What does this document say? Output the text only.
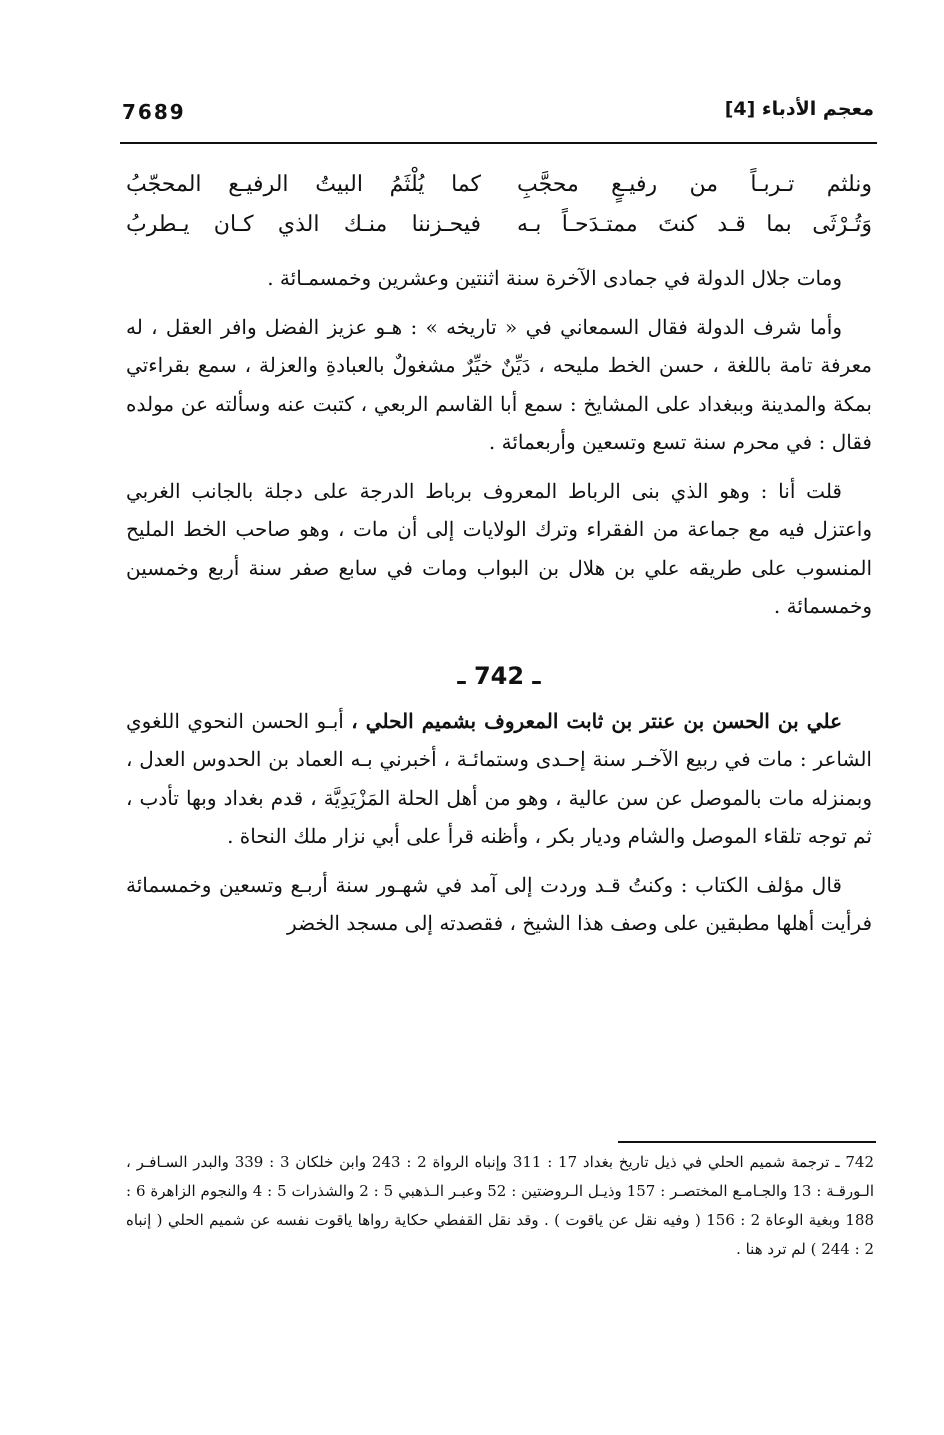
7689	معجم الأدباء [4]
ونلثم تـربـاً من رفيـعٍ محجَّبِ
كما يُلْثَمُ البيتُ الرفيـع المحجّبُ
وَتُـرْثَى بما قـد كنتَ ممتـدَحـاً بـه
فيحـزننا منـك الذي كـان يـطربُ

ومات جلال الدولة في جمادى الآخرة سنة اثنتين وعشرين وخمسمـائة .

وأما شرف الدولة فقال السمعاني في « تاريخه » : هـو عزيز الفضل وافر العقل ، له معرفة تامة باللغة ، حسن الخط مليحه ، دَيِّنٌ خيِّرٌ مشغولٌ بالعبادةِ والعزلة ، سمع بقراءتي بمكة والمدينة وببغداد على المشايخ : سمع أبا القاسم الربعي ، كتبت عنه وسألته عن مولده فقال : في محرم سنة تسع وتسعين وأربعمائة .

قلت أنا : وهو الذي بنى الرباط المعروف برباط الدرجة على دجلة بالجانب الغربي واعتزل فيه مع جماعة من الفقراء وترك الولايات إلى أن مات ، وهو صاحب الخط المليح المنسوب على طريقه علي بن هلال بن البواب ومات في سابع صفر سنة أربع وخمسين وخمسمائة .

ـ 742 ـ

علي بن الحسن بن عنتر بن ثابت المعروف بشميم الحلي ، أبـو الحسن النحوي اللغوي الشاعر : مات في ربيع الآخـر سنة إحـدى وستمائـة ، أخبرني بـه العماد بن الحدوس العدل ، وبمنزله مات بالموصل عن سن عالية ، وهو من أهل الحلة المَزْيَدِيَّة ، قدم بغداد وبها تأدب ، ثم توجه تلقاء الموصل والشام وديار بكر ، وأظنه قرأ على أبي نزار ملك النحاة .

قال مؤلف الكتاب : وكنتُ قـد وردت إلى آمد في شهـور سنة أربـع وتسعين وخمسمائة فرأيت أهلها مطبقين على وصف هذا الشيخ ، فقصدته إلى مسجد الخضر

742 ـ ترجمة شميم الحلي في ذيل تاريخ بغداد 17 : 311 وإنباه الرواة 2 : 243 وابن خلكان 3 : 339 والبدر السـافـر ، الـورقـة : 13 والجـامـع المختصـر : 157 وذيـل الـروضتين : 52 وعبـر الـذهبي 5 : 2 والشذرات 5 : 4 والنجوم الزاهرة 6 : 188 وبغية الوعاة 2 : 156 ( وفيه نقل عن ياقوت ) . وقد نقل القفطي حكاية رواها ياقوت نفسه عن شميم الحلي ( إنباه 2 : 244 ) لم ترد هنا .
